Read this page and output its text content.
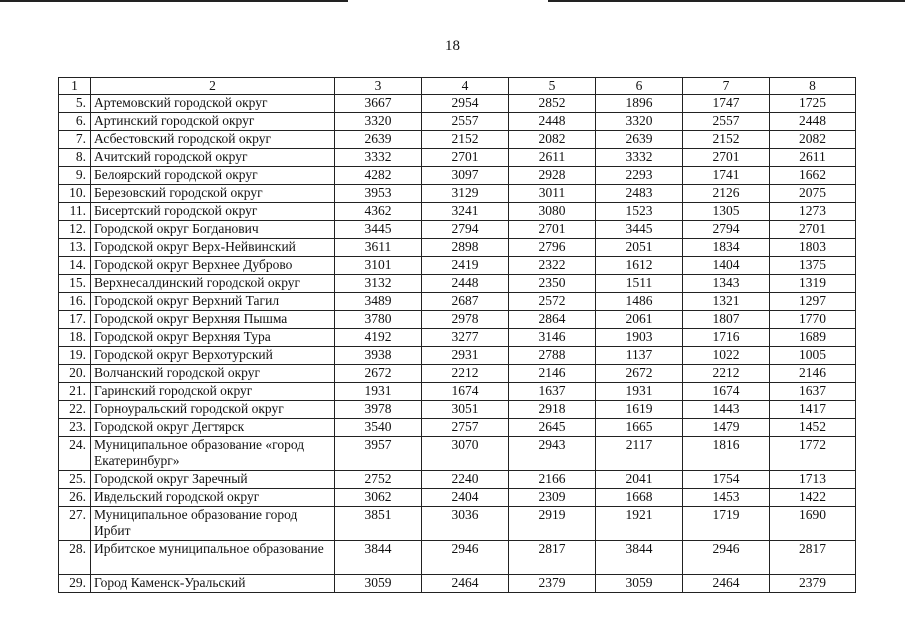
18
1	2	3	4	5	6	7	8
5.	Артемовский городской округ	3667	2954	2852	1896	1747	1725
6.	Артинский городской округ	3320	2557	2448	3320	2557	2448
7.	Асбестовский городской округ	2639	2152	2082	2639	2152	2082
8.	Ачитский городской округ	3332	2701	2611	3332	2701	2611
9.	Белоярский городской округ	4282	3097	2928	2293	1741	1662
10.	Березовский городской округ	3953	3129	3011	2483	2126	2075
11.	Бисертский городской округ	4362	3241	3080	1523	1305	1273
12.	Городской округ Богданович	3445	2794	2701	3445	2794	2701
13.	Городской округ Верх-Нейвинский	3611	2898	2796	2051	1834	1803
14.	Городской округ Верхнее Дуброво	3101	2419	2322	1612	1404	1375
15.	Верхнесалдинский городской округ	3132	2448	2350	1511	1343	1319
16.	Городской округ Верхний Тагил	3489	2687	2572	1486	1321	1297
17.	Городской округ Верхняя Пышма	3780	2978	2864	2061	1807	1770
18.	Городской округ Верхняя Тура	4192	3277	3146	1903	1716	1689
19.	Городской округ Верхотурский	3938	2931	2788	1137	1022	1005
20.	Волчанский городской округ	2672	2212	2146	2672	2212	2146
21.	Гаринский городской округ	1931	1674	1637	1931	1674	1637
22.	Горноуральский городской округ	3978	3051	2918	1619	1443	1417
23.	Городской округ Дегтярск	3540	2757	2645	1665	1479	1452
24.	Муниципальное образование «город Екатеринбург»	3957	3070	2943	2117	1816	1772
25.	Городской округ Заречный	2752	2240	2166	2041	1754	1713
26.	Ивдельский городской округ	3062	2404	2309	1668	1453	1422
27.	Муниципальное образование город Ирбит	3851	3036	2919	1921	1719	1690
28.	Ирбитское муниципальное образование	3844	2946	2817	3844	2946	2817
29.	Город Каменск-Уральский	3059	2464	2379	3059	2464	2379
